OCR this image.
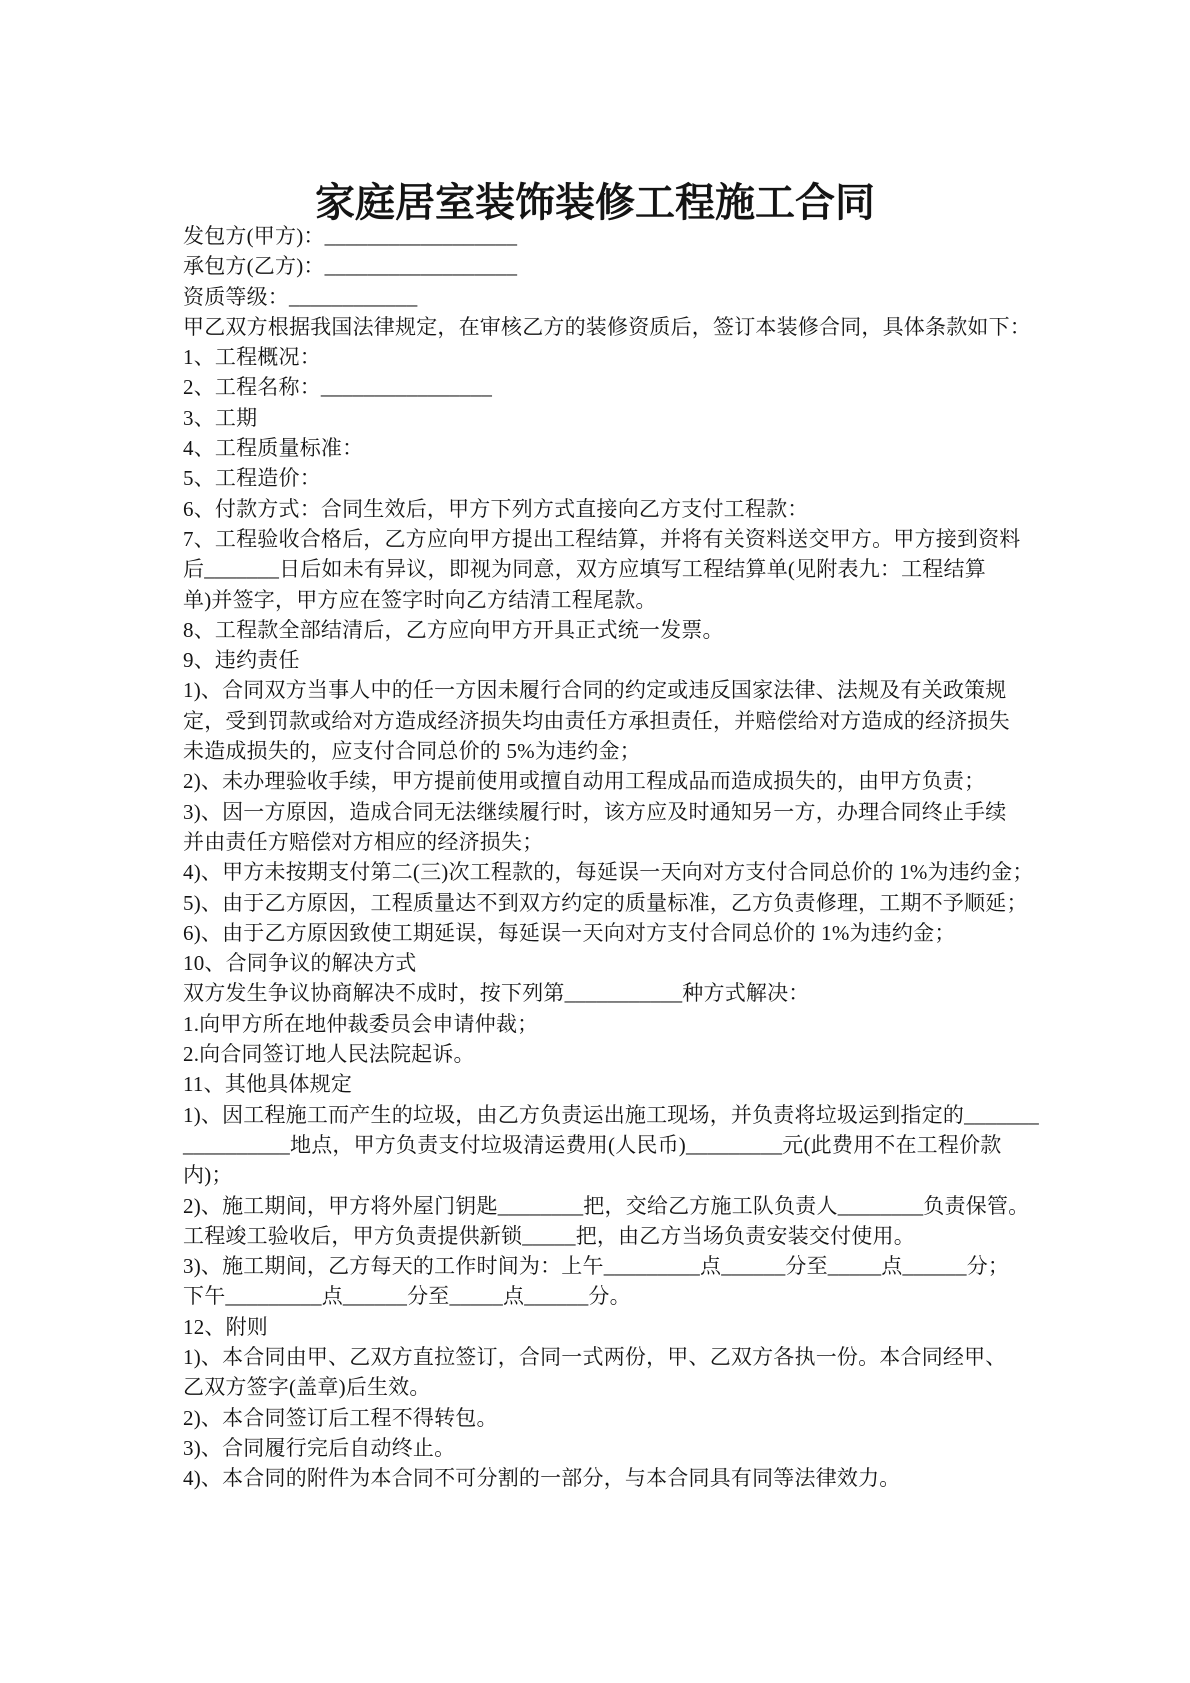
家庭居室装饰装修工程施工合同
发包方(甲方)：__________________
承包方(乙方)：__________________
资质等级：____________
甲乙双方根据我国法律规定，在审核乙方的装修资质后，签订本装修合同，具体条款如下：
1、工程概况：
2、工程名称：________________
3、工期
4、工程质量标准：
5、工程造价：
6、付款方式：合同生效后，甲方下列方式直接向乙方支付工程款：
7、工程验收合格后，乙方应向甲方提出工程结算，并将有关资料送交甲方。甲方接到资料
后_______日后如未有异议，即视为同意，双方应填写工程结算单(见附表九：工程结算
单)并签字，甲方应在签字时向乙方结清工程尾款。
8、工程款全部结清后，乙方应向甲方开具正式统一发票。
9、违约责任
1)、合同双方当事人中的任一方因未履行合同的约定或违反国家法律、法规及有关政策规
定，受到罚款或给对方造成经济损失均由责任方承担责任，并赔偿给对方造成的经济损失
未造成损失的，应支付合同总价的 5%为违约金；
2)、未办理验收手续，甲方提前使用或擅自动用工程成品而造成损失的，由甲方负责；
3)、因一方原因，造成合同无法继续履行时，该方应及时通知另一方，办理合同终止手续
并由责任方赔偿对方相应的经济损失；
4)、甲方未按期支付第二(三)次工程款的，每延误一天向对方支付合同总价的 1%为违约金；
5)、由于乙方原因，工程质量达不到双方约定的质量标准，乙方负责修理，工期不予顺延；
6)、由于乙方原因致使工期延误，每延误一天向对方支付合同总价的 1%为违约金；
10、合同争议的解决方式
双方发生争议协商解决不成时，按下列第___________种方式解决：
1.向甲方所在地仲裁委员会申请仲裁；
2.向合同签订地人民法院起诉。
11、其他具体规定
1)、因工程施工而产生的垃圾，由乙方负责运出施工现场，并负责将垃圾运到指定的_______
__________地点，甲方负责支付垃圾清运费用(人民币)_________元(此费用不在工程价款
内)；
2)、施工期间，甲方将外屋门钥匙________把，交给乙方施工队负责人________负责保管。
工程竣工验收后，甲方负责提供新锁_____把，由乙方当场负责安装交付使用。
3)、施工期间，乙方每天的工作时间为：上午_________点______分至_____点______分；
下午_________点______分至_____点______分。
12、附则
1)、本合同由甲、乙双方直拉签订，合同一式两份，甲、乙双方各执一份。本合同经甲、
乙双方签字(盖章)后生效。
2)、本合同签订后工程不得转包。
3)、合同履行完后自动终止。
4)、本合同的附件为本合同不可分割的一部分，与本合同具有同等法律效力。
